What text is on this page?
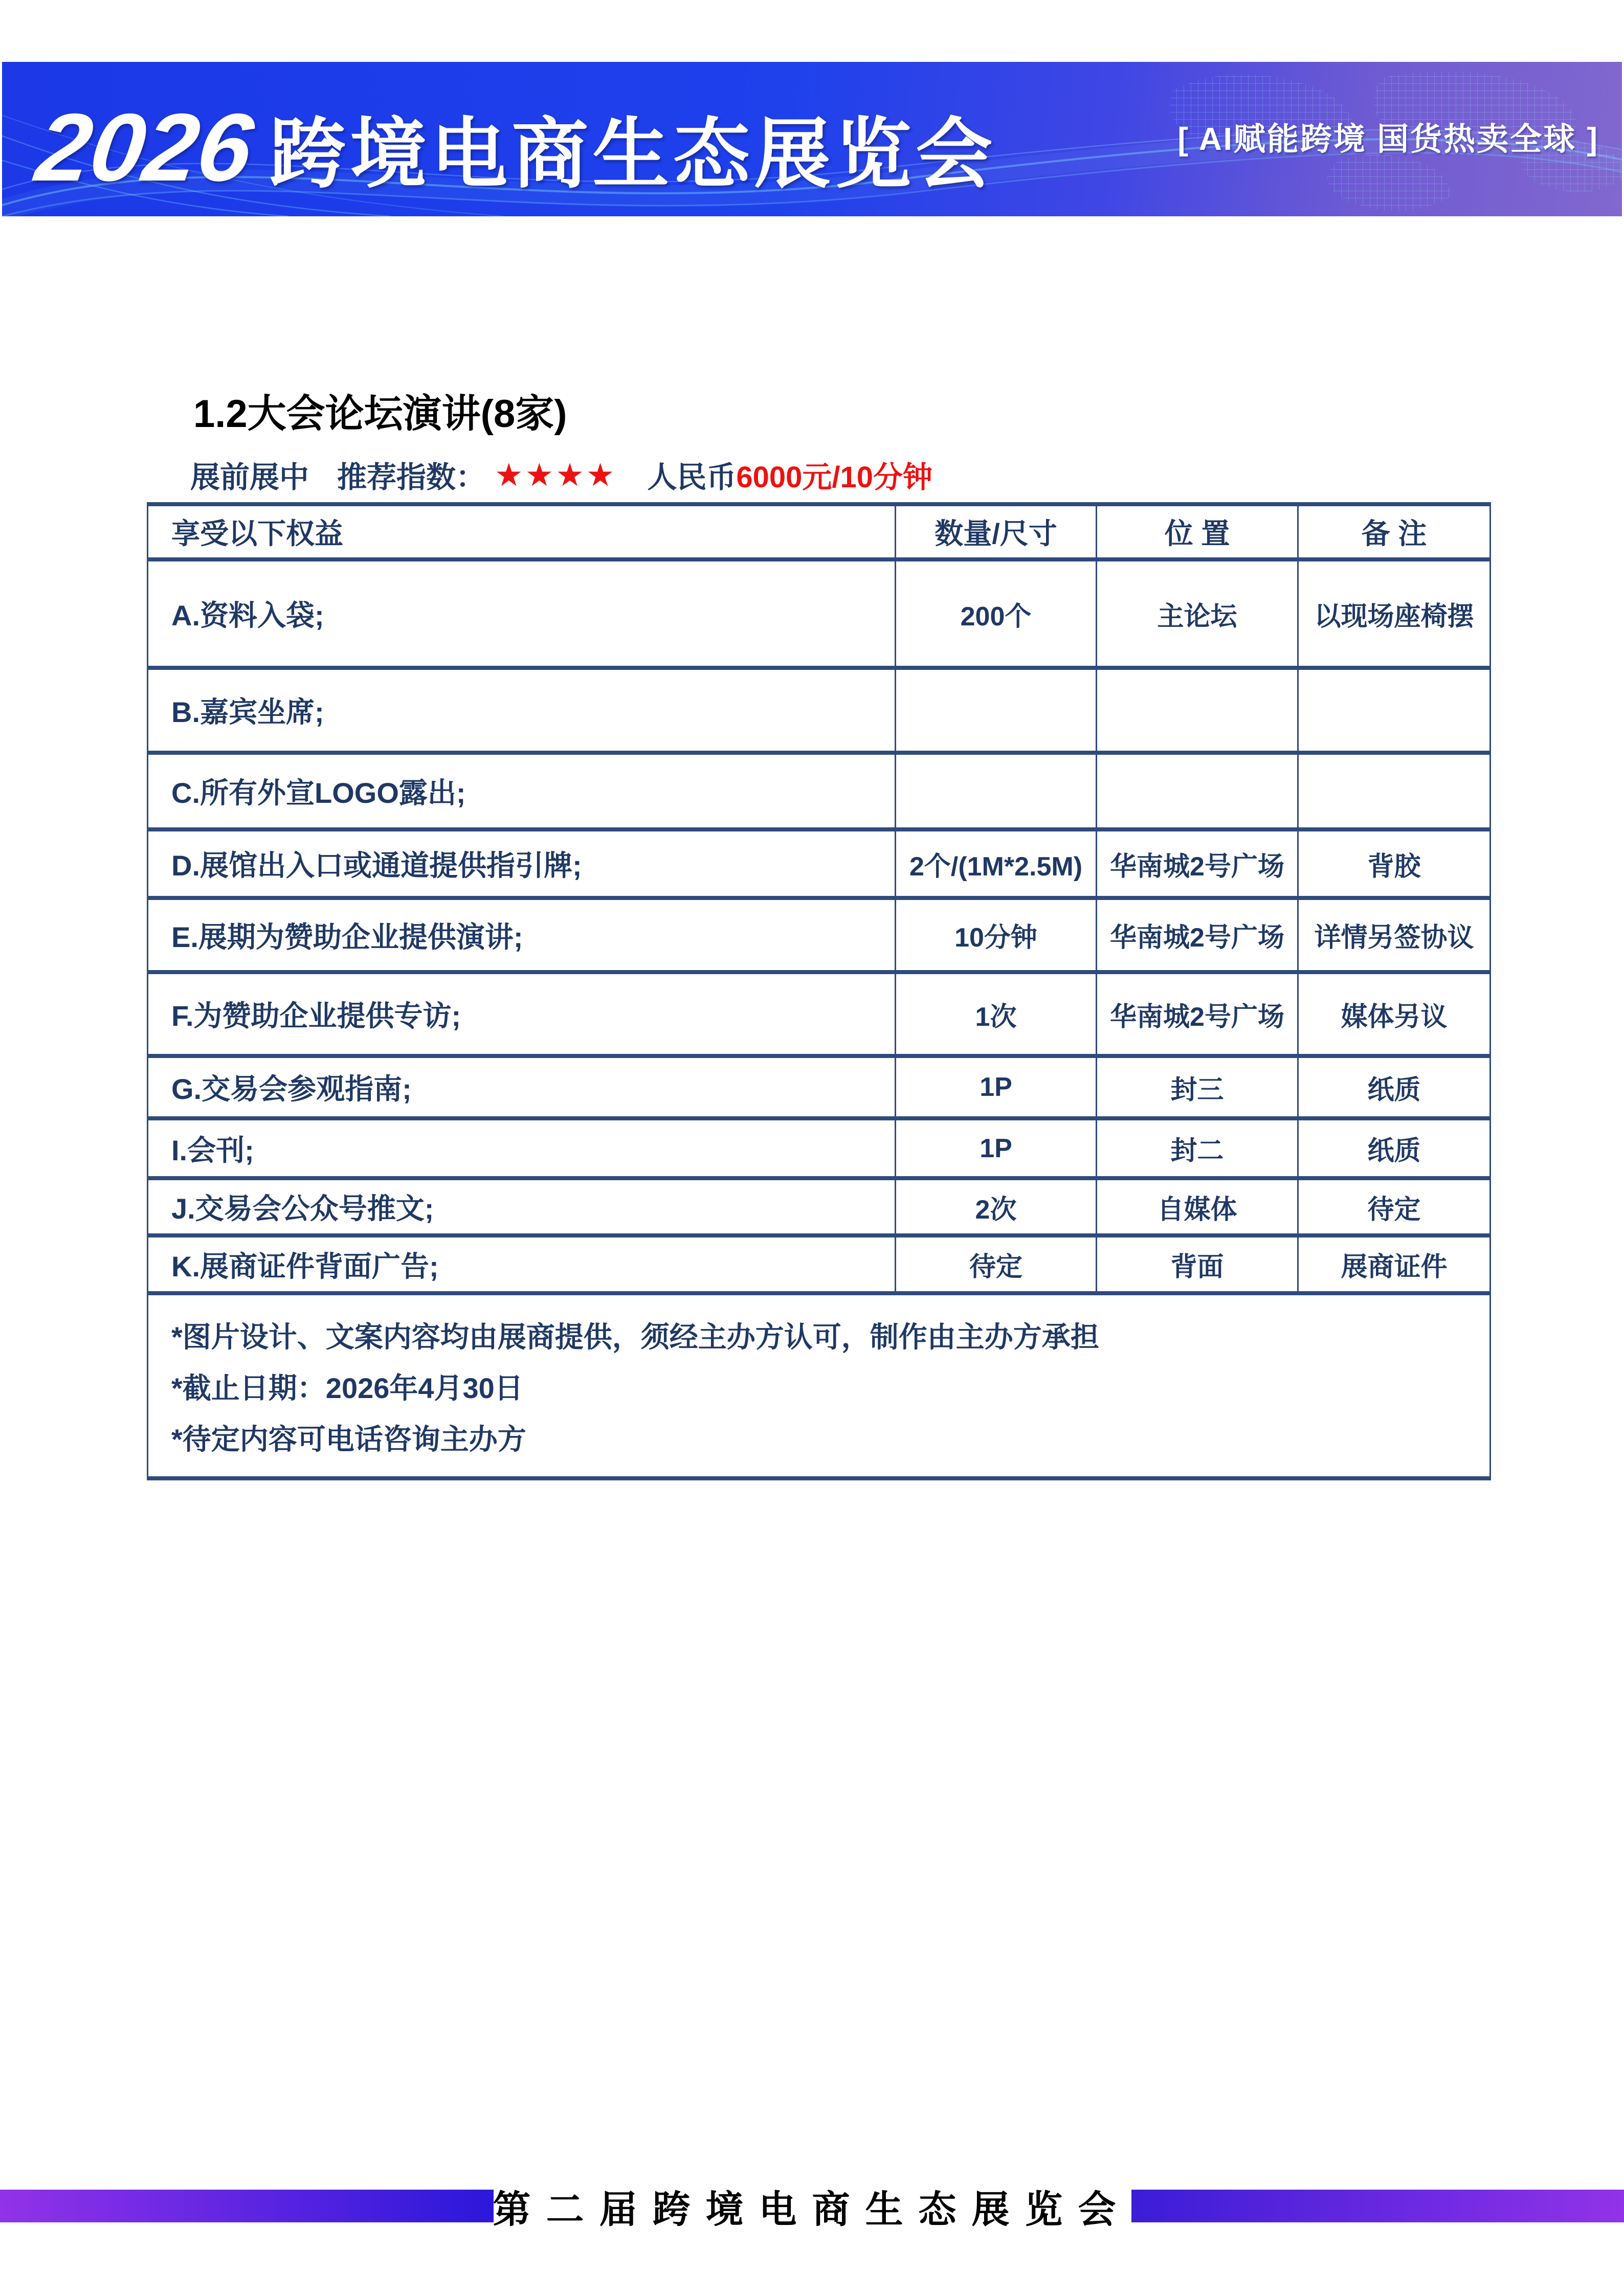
2026 跨境电商生态展览会	[ AI赋能跨境 国货热卖全球 ]
1.2大会论坛演讲(8家)
展前展中 推荐指数： ★★★★ 人民币 6000元/10分钟
享受以下权益	数量/尺寸	位 置	备 注
A.资料入袋;	200个	主论坛	以现场座椅摆
B.嘉宾坐席;			
C.所有外宣LOGO露出;			
D.展馆出入口或通道提供指引牌;	2个/(1M*2.5M)	华南城2号广场	背胶
E.展期为赞助企业提供演讲;	10分钟	华南城2号广场	详情另签协议
F.为赞助企业提供专访;	1次	华南城2号广场	媒体另议
G.交易会参观指南;	1P	封三	纸质
I.会刊;	1P	封二	纸质
J.交易会公众号推文;	2次	自媒体	待定
K.展商证件背面广告;	待定	背面	展商证件

*图片设计、文案内容均由展商提供，须经主办方认可，制作由主办方承担

*截止日期：2026年4月30日

*待定内容可电话咨询主办方			

第二届跨境电商生态展览会
